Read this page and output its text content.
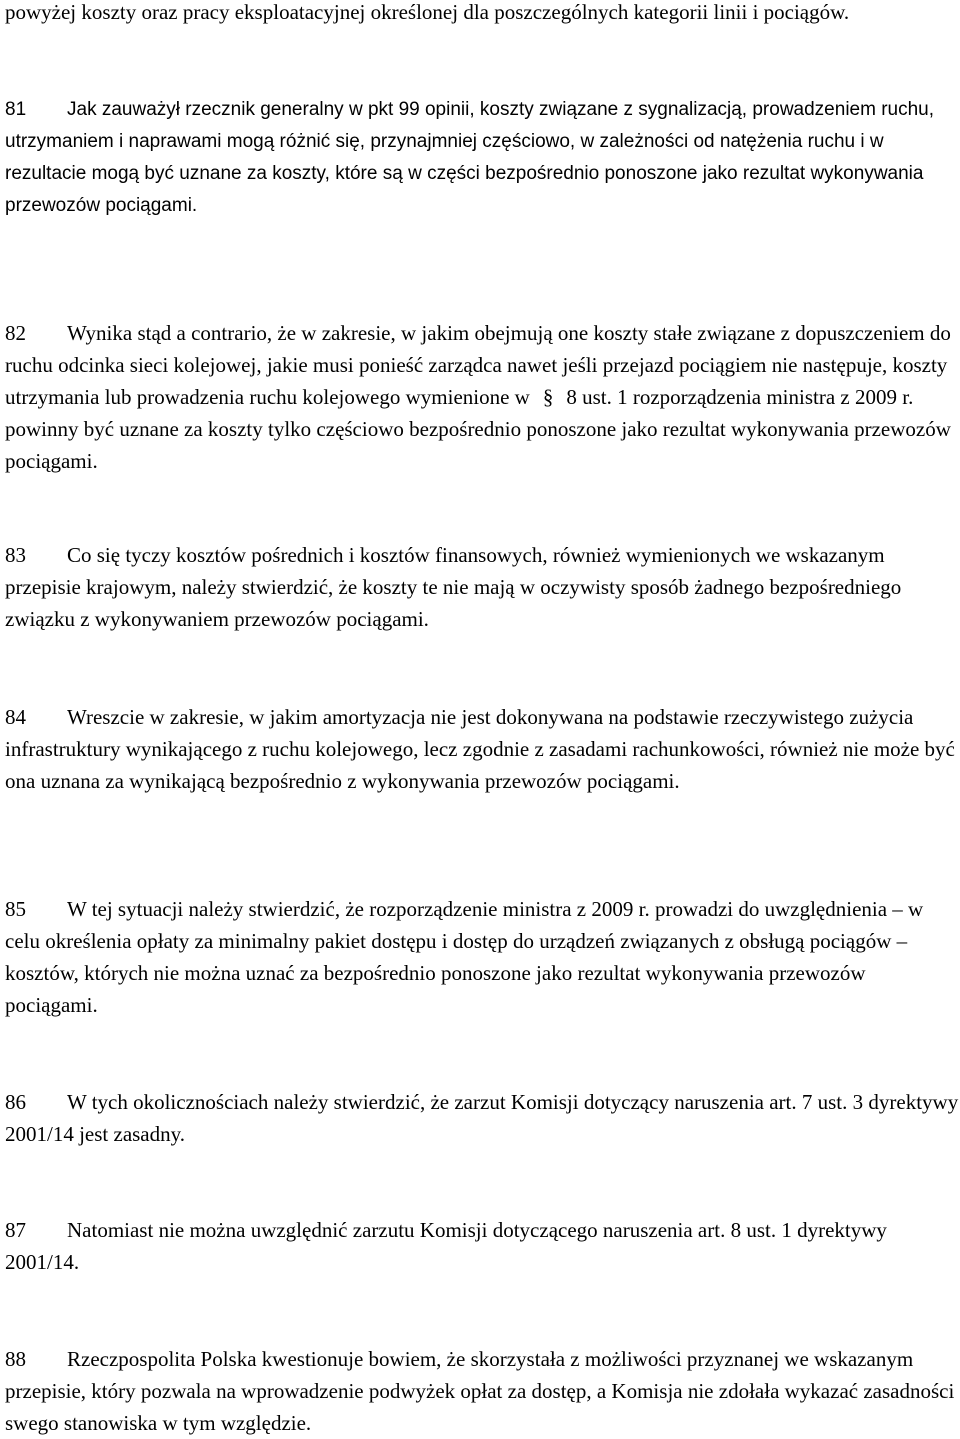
powyżej koszty oraz pracy eksploatacyjnej określonej dla poszczególnych kategorii linii i pociągów.

81 Jak zauważył rzecznik generalny w pkt 99 opinii, koszty związane z sygnalizacją, prowadzeniem ruchu, utrzymaniem i naprawami mogą różnić się, przynajmniej częściowo, w zależności od natężenia ruchu i w rezultacie mogą być uznane za koszty, które są w części bezpośrednio ponoszone jako rezultat wykonywania przewozów pociągami.

82 Wynika stąd a contrario, że w zakresie, w jakim obejmują one koszty stałe związane z dopuszczeniem do ruchu odcinka sieci kolejowej, jakie musi ponieść zarządca nawet jeśli przejazd pociągiem nie następuje, koszty utrzymania lub prowadzenia ruchu kolejowego wymienione w § 8 ust. 1 rozporządzenia ministra z 2009 r. powinny być uznane za koszty tylko częściowo bezpośrednio ponoszone jako rezultat wykonywania przewozów pociągami.

83 Co się tyczy kosztów pośrednich i kosztów finansowych, również wymienionych we wskazanym przepisie krajowym, należy stwierdzić, że koszty te nie mają w oczywisty sposób żadnego bezpośredniego związku z wykonywaniem przewozów pociągami.

84 Wreszcie w zakresie, w jakim amortyzacja nie jest dokonywana na podstawie rzeczywistego zużycia infrastruktury wynikającego z ruchu kolejowego, lecz zgodnie z zasadami rachunkowości, również nie może być ona uznana za wynikającą bezpośrednio z wykonywania przewozów pociągami.

85 W tej sytuacji należy stwierdzić, że rozporządzenie ministra z 2009 r. prowadzi do uwzględnienia – w celu określenia opłaty za minimalny pakiet dostępu i dostęp do urządzeń związanych z obsługą pociągów – kosztów, których nie można uznać za bezpośrednio ponoszone jako rezultat wykonywania przewozów pociągami.

86 W tych okolicznościach należy stwierdzić, że zarzut Komisji dotyczący naruszenia art. 7 ust. 3 dyrektywy 2001/14 jest zasadny.

87 Natomiast nie można uwzględnić zarzutu Komisji dotyczącego naruszenia art. 8 ust. 1 dyrektywy 2001/14.

88 Rzeczpospolita Polska kwestionuje bowiem, że skorzystała z możliwości przyznanej we wskazanym przepisie, który pozwala na wprowadzenie podwyżek opłat za dostęp, a Komisja nie zdołała wykazać zasadności swego stanowiska w tym względzie.
